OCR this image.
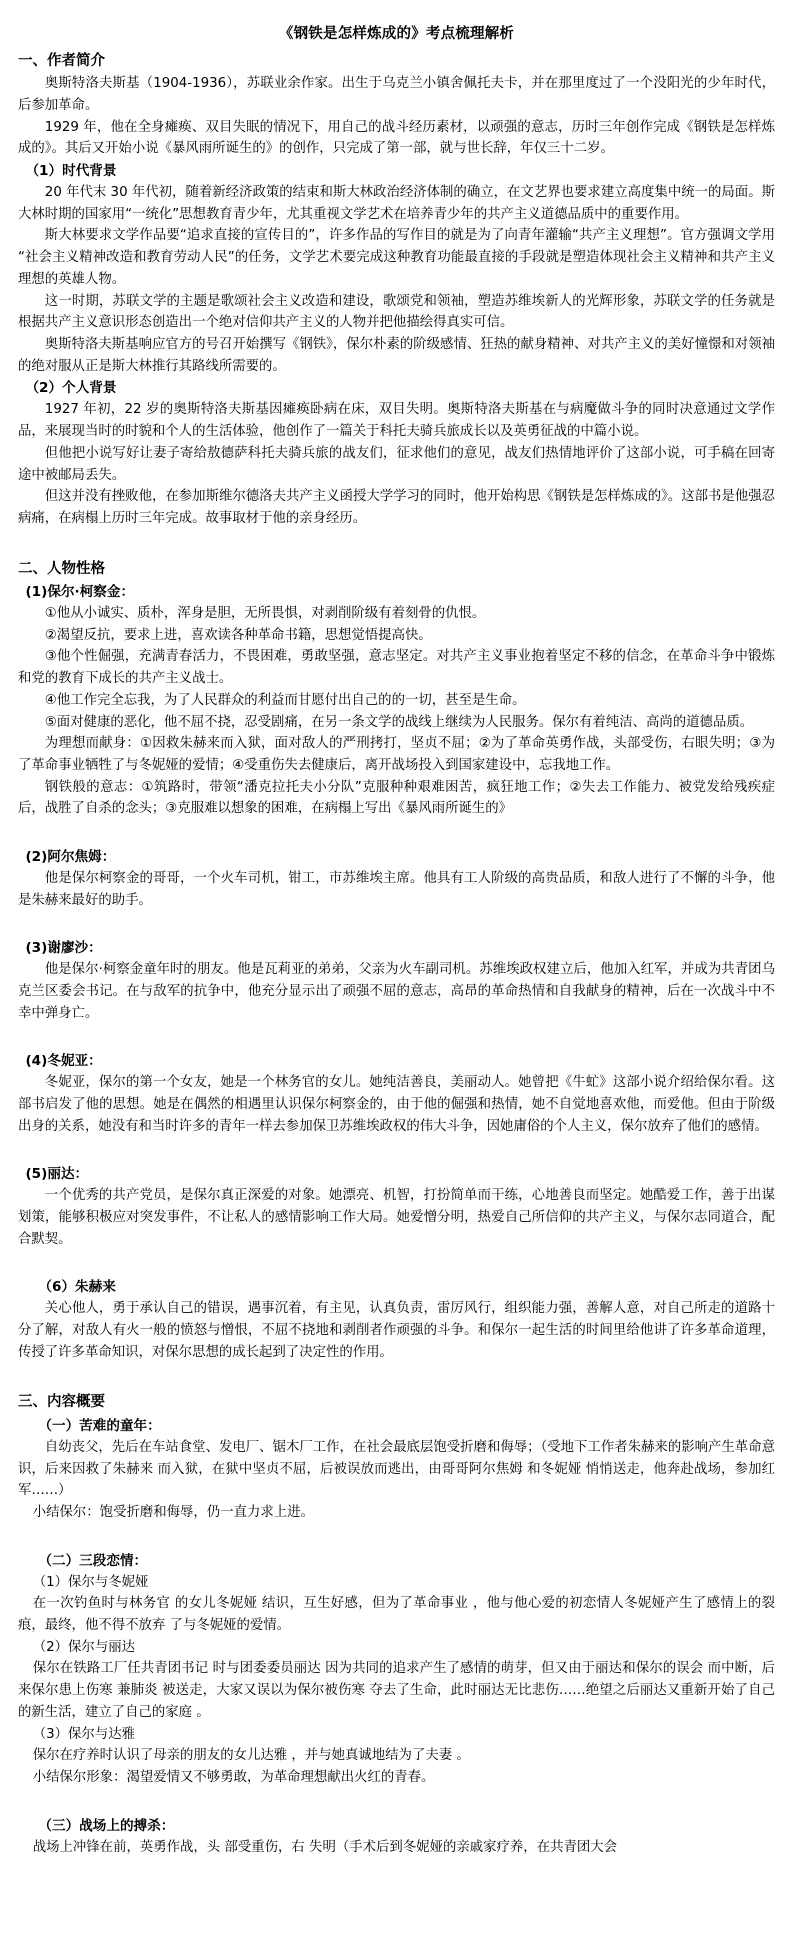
《钢铁是怎样炼成的》考点梳理解析
一、作者简介

奥斯特洛夫斯基（1904-1936），苏联业余作家。出生于乌克兰小镇舍佩托夫卡，并在那里度过了一个没阳光的少年时代，后参加革命。

1929 年，他在全身瘫痪、双目失眠的情况下，用自己的战斗经历素材，以顽强的意志，历时三年创作完成《钢铁是怎样炼成的》。其后又开始小说《暴风雨所诞生的》的创作，只完成了第一部，就与世长辞，年仅三十二岁。

（1）时代背景

20 年代末 30 年代初，随着新经济政策的结束和斯大林政治经济体制的确立，在文艺界也要求建立高度集中统一的局面。斯大林时期的国家用“一统化”思想教育青少年，尤其重视文学艺术在培养青少年的共产主义道德品质中的重要作用。

斯大林要求文学作品要“追求直接的宣传目的”，许多作品的写作目的就是为了向青年灌输“共产主义理想”。官方强调文学用“社会主义精神改造和教育劳动人民”的任务，文学艺术要完成这种教育功能最直接的手段就是塑造体现社会主义精神和共产主义理想的英雄人物。

这一时期，苏联文学的主题是歌颂社会主义改造和建设，歌颂党和领袖，塑造苏维埃新人的光辉形象，苏联文学的任务就是根据共产主义意识形态创造出一个绝对信仰共产主义的人物并把他描绘得真实可信。

奥斯特洛夫斯基响应官方的号召开始撰写《钢铁》，保尔朴素的阶级感情、狂热的献身精神、对共产主义的美好憧憬和对领袖的绝对服从正是斯大林推行其路线所需要的。

（2）个人背景

1927 年初，22 岁的奥斯特洛夫斯基因瘫痪卧病在床，双目失明。奥斯特洛夫斯基在与病魔做斗争的同时决意通过文学作品，来展现当时的时貌和个人的生活体验，他创作了一篇关于科托夫骑兵旅成长以及英勇征战的中篇小说。

但他把小说写好让妻子寄给敖德萨科托夫骑兵旅的战友们，征求他们的意见，战友们热情地评价了这部小说，可手稿在回寄途中被邮局丢失。

但这并没有挫败他，在参加斯维尔德洛夫共产主义函授大学学习的同时，他开始构思《钢铁是怎样炼成的》。这部书是他强忍病痛，在病榻上历时三年完成。故事取材于他的亲身经历。

二、人物性格
(1)保尔·柯察金：

①他从小诚实、质朴，浑身是胆，无所畏惧，对剥削阶级有着刻骨的仇恨。

②渴望反抗，要求上进，喜欢读各种革命书籍，思想觉悟提高快。

③他个性倔强，充满青春活力，不畏困难，勇敢坚强，意志坚定。对共产主义事业抱着坚定不移的信念，在革命斗争中锻炼和党的教育下成长的共产主义战士。

④他工作完全忘我，为了人民群众的利益而甘愿付出自己的的一切，甚至是生命。

⑤面对健康的恶化，他不屈不挠，忍受剧痛，在另一条文学的战线上继续为人民服务。保尔有着纯洁、高尚的道德品质。

为理想而献身：①因救朱赫来而入狱，面对敌人的严刑拷打，坚贞不屈；②为了革命英勇作战，头部受伤，右眼失明；③为了革命事业牺牲了与冬妮娅的爱情；④受重伤失去健康后，离开战场投入到国家建设中，忘我地工作。

钢铁般的意志：①筑路时，带领“潘克拉托夫小分队”克服种种艰难困苦，疯狂地工作；②失去工作能力、被党发给残疾症后，战胜了自杀的念头；③克服难以想象的困难，在病榻上写出《暴风雨所诞生的》

(2)阿尔焦姆：

他是保尔柯察金的哥哥，一个火车司机，钳工，市苏维埃主席。他具有工人阶级的高贵品质，和敌人进行了不懈的斗争，他是朱赫来最好的助手。

(3)谢廖沙：

他是保尔·柯察金童年时的朋友。他是瓦莉亚的弟弟，父亲为火车副司机。苏维埃政权建立后，他加入红军，并成为共青团乌克兰区委会书记。在与敌军的抗争中，他充分显示出了顽强不屈的意志，高昂的革命热情和自我献身的精神，后在一次战斗中不幸中弹身亡。

(4)冬妮亚：

冬妮亚，保尔的第一个女友，她是一个林务官的女儿。她纯洁善良，美丽动人。她曾把《牛虻》这部小说介绍给保尔看。这部书启发了他的思想。她是在偶然的相遇里认识保尔柯察金的，由于他的倔强和热情，她不自觉地喜欢他，而爱他。但由于阶级出身的关系，她没有和当时许多的青年一样去参加保卫苏维埃政权的伟大斗争，因她庸俗的个人主义，保尔放弃了他们的感情。

(5)丽达：

一个优秀的共产党员，是保尔真正深爱的对象。她漂亮、机智，打扮简单而干练，心地善良而坚定。她酷爱工作，善于出谋划策，能够积极应对突发事件，不让私人的感情影响工作大局。她爱憎分明，热爱自己所信仰的共产主义，与保尔志同道合，配合默契。

（6）朱赫来

关心他人，勇于承认自己的错误，遇事沉着，有主见，认真负责，雷厉风行，组织能力强，善解人意，对自己所走的道路十分了解，对敌人有火一般的愤怒与憎恨，不屈不挠地和剥削者作顽强的斗争。和保尔一起生活的时间里给他讲了许多革命道理，传授了许多革命知识，对保尔思想的成长起到了决定性的作用。

三、内容概要
（一）苦难的童年：

自幼丧父，先后在车站食堂、发电厂、锯木厂工作，在社会最底层饱受折磨和侮辱；（受地下工作者朱赫来的影响产生革命意识，后来因救了朱赫来 而入狱，在狱中坚贞不屈，后被误放而逃出，由哥哥阿尔焦姆 和冬妮娅 悄悄送走，他奔赴战场，参加红军……）

小结保尔：饱受折磨和侮辱，仍一直力求上进。

（二）三段恋情：

（1）保尔与冬妮娅

在一次钓鱼时与林务官 的女儿冬妮娅 结识，互生好感，但为了革命事业 ，他与他心爱的初恋情人冬妮娅产生了感情上的裂痕，最终，他不得不放弃 了与冬妮娅的爱情。

（2）保尔与丽达

保尔在铁路工厂任共青团书记 时与团委委员丽达 因为共同的追求产生了感情的萌芽，但又由于丽达和保尔的误会 而中断，后来保尔患上伤寒 兼肺炎 被送走，大家又误以为保尔被伤寒 夺去了生命，此时丽达无比悲伤……绝望之后丽达又重新开始了自己的新生活，建立了自己的家庭 。

（3）保尔与达雅

保尔在疗养时认识了母亲的朋友的女儿达雅 ，并与她真诚地结为了夫妻 。

小结保尔形象：渴望爱情又不够勇敢，为革命理想献出火红的青春。

（三）战场上的搏杀：

战场上冲锋在前，英勇作战，头 部受重伤，右 失明（手术后到冬妮娅的亲戚家疗养，在共青团大会
